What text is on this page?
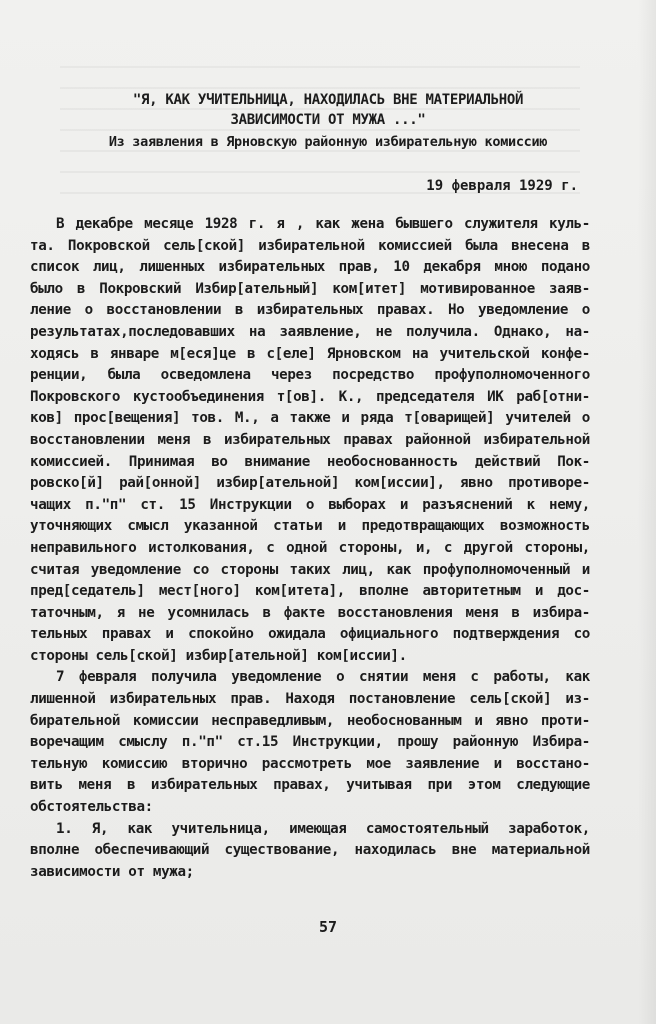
"Я, КАК УЧИТЕЛЬНИЦА, НАХОДИЛАСЬ ВНЕ МАТЕРИАЛЬНОЙ
ЗАВИСИМОСТИ ОТ МУЖА ..."
Из заявления в Ярновскую районную избирательную комиссию
19 февраля 1929 г.
В декабре месяце 1928 г. я , как жена бывшего служителя куль-
та. Покровской сель[ской] избирательной комиссией была внесена в
список лиц, лишенных избирательных прав, 10 декабря мною подано
было в Покровский Избир[ательный] ком[итет] мотивированное заяв-
ление о восстановлении в избирательных правах. Но уведомление о
результатах,последовавших на заявление, не получила. Однако, на-
ходясь в январе м[еся]це в с[еле] Ярновском на учительской конфе-
ренции, была осведомлена через посредство профуполномоченного
Покровского кустообъединения т[ов]. К., председателя ИК раб[отни-
ков] прос[вещения] тов. М., а также и ряда т[оварищей] учителей о
восстановлении меня в избирательных правах районной избирательной
комиссией. Принимая во внимание необоснованность действий Пок-
ровско[й] рай[онной] избир[ательной] ком[иссии], явно противоре-
чащих п."п" ст. 15 Инструкции о выборах и разъяснений к нему,
уточняющих смысл указанной статьи и предотвращающих возможность
неправильного истолкования, с одной стороны, и, с другой стороны,
считая уведомление со стороны таких лиц, как профуполномоченный и
пред[седатель] мест[ного] ком[итета], вполне авторитетным и дос-
таточным, я не усомнилась в факте восстановления меня в избира-
тельных правах и спокойно ожидала официального подтверждения со
стороны сель[ской] избир[ательной] ком[иссии].
7 февраля получила уведомление о снятии меня с работы, как
лишенной избирательных прав. Находя постановление сель[ской] из-
бирательной комиссии несправедливым, необоснованным и явно проти-
воречащим смыслу п."п" ст.15 Инструкции, прошу районную Избира-
тельную комиссию вторично рассмотреть мое заявление и восстано-
вить меня в избирательных правах, учитывая при этом следующие
обстоятельства:
1. Я, как учительница, имеющая самостоятельный заработок,
вполне обеспечивающий существование, находилась вне материальной
зависимости от мужа;
57
